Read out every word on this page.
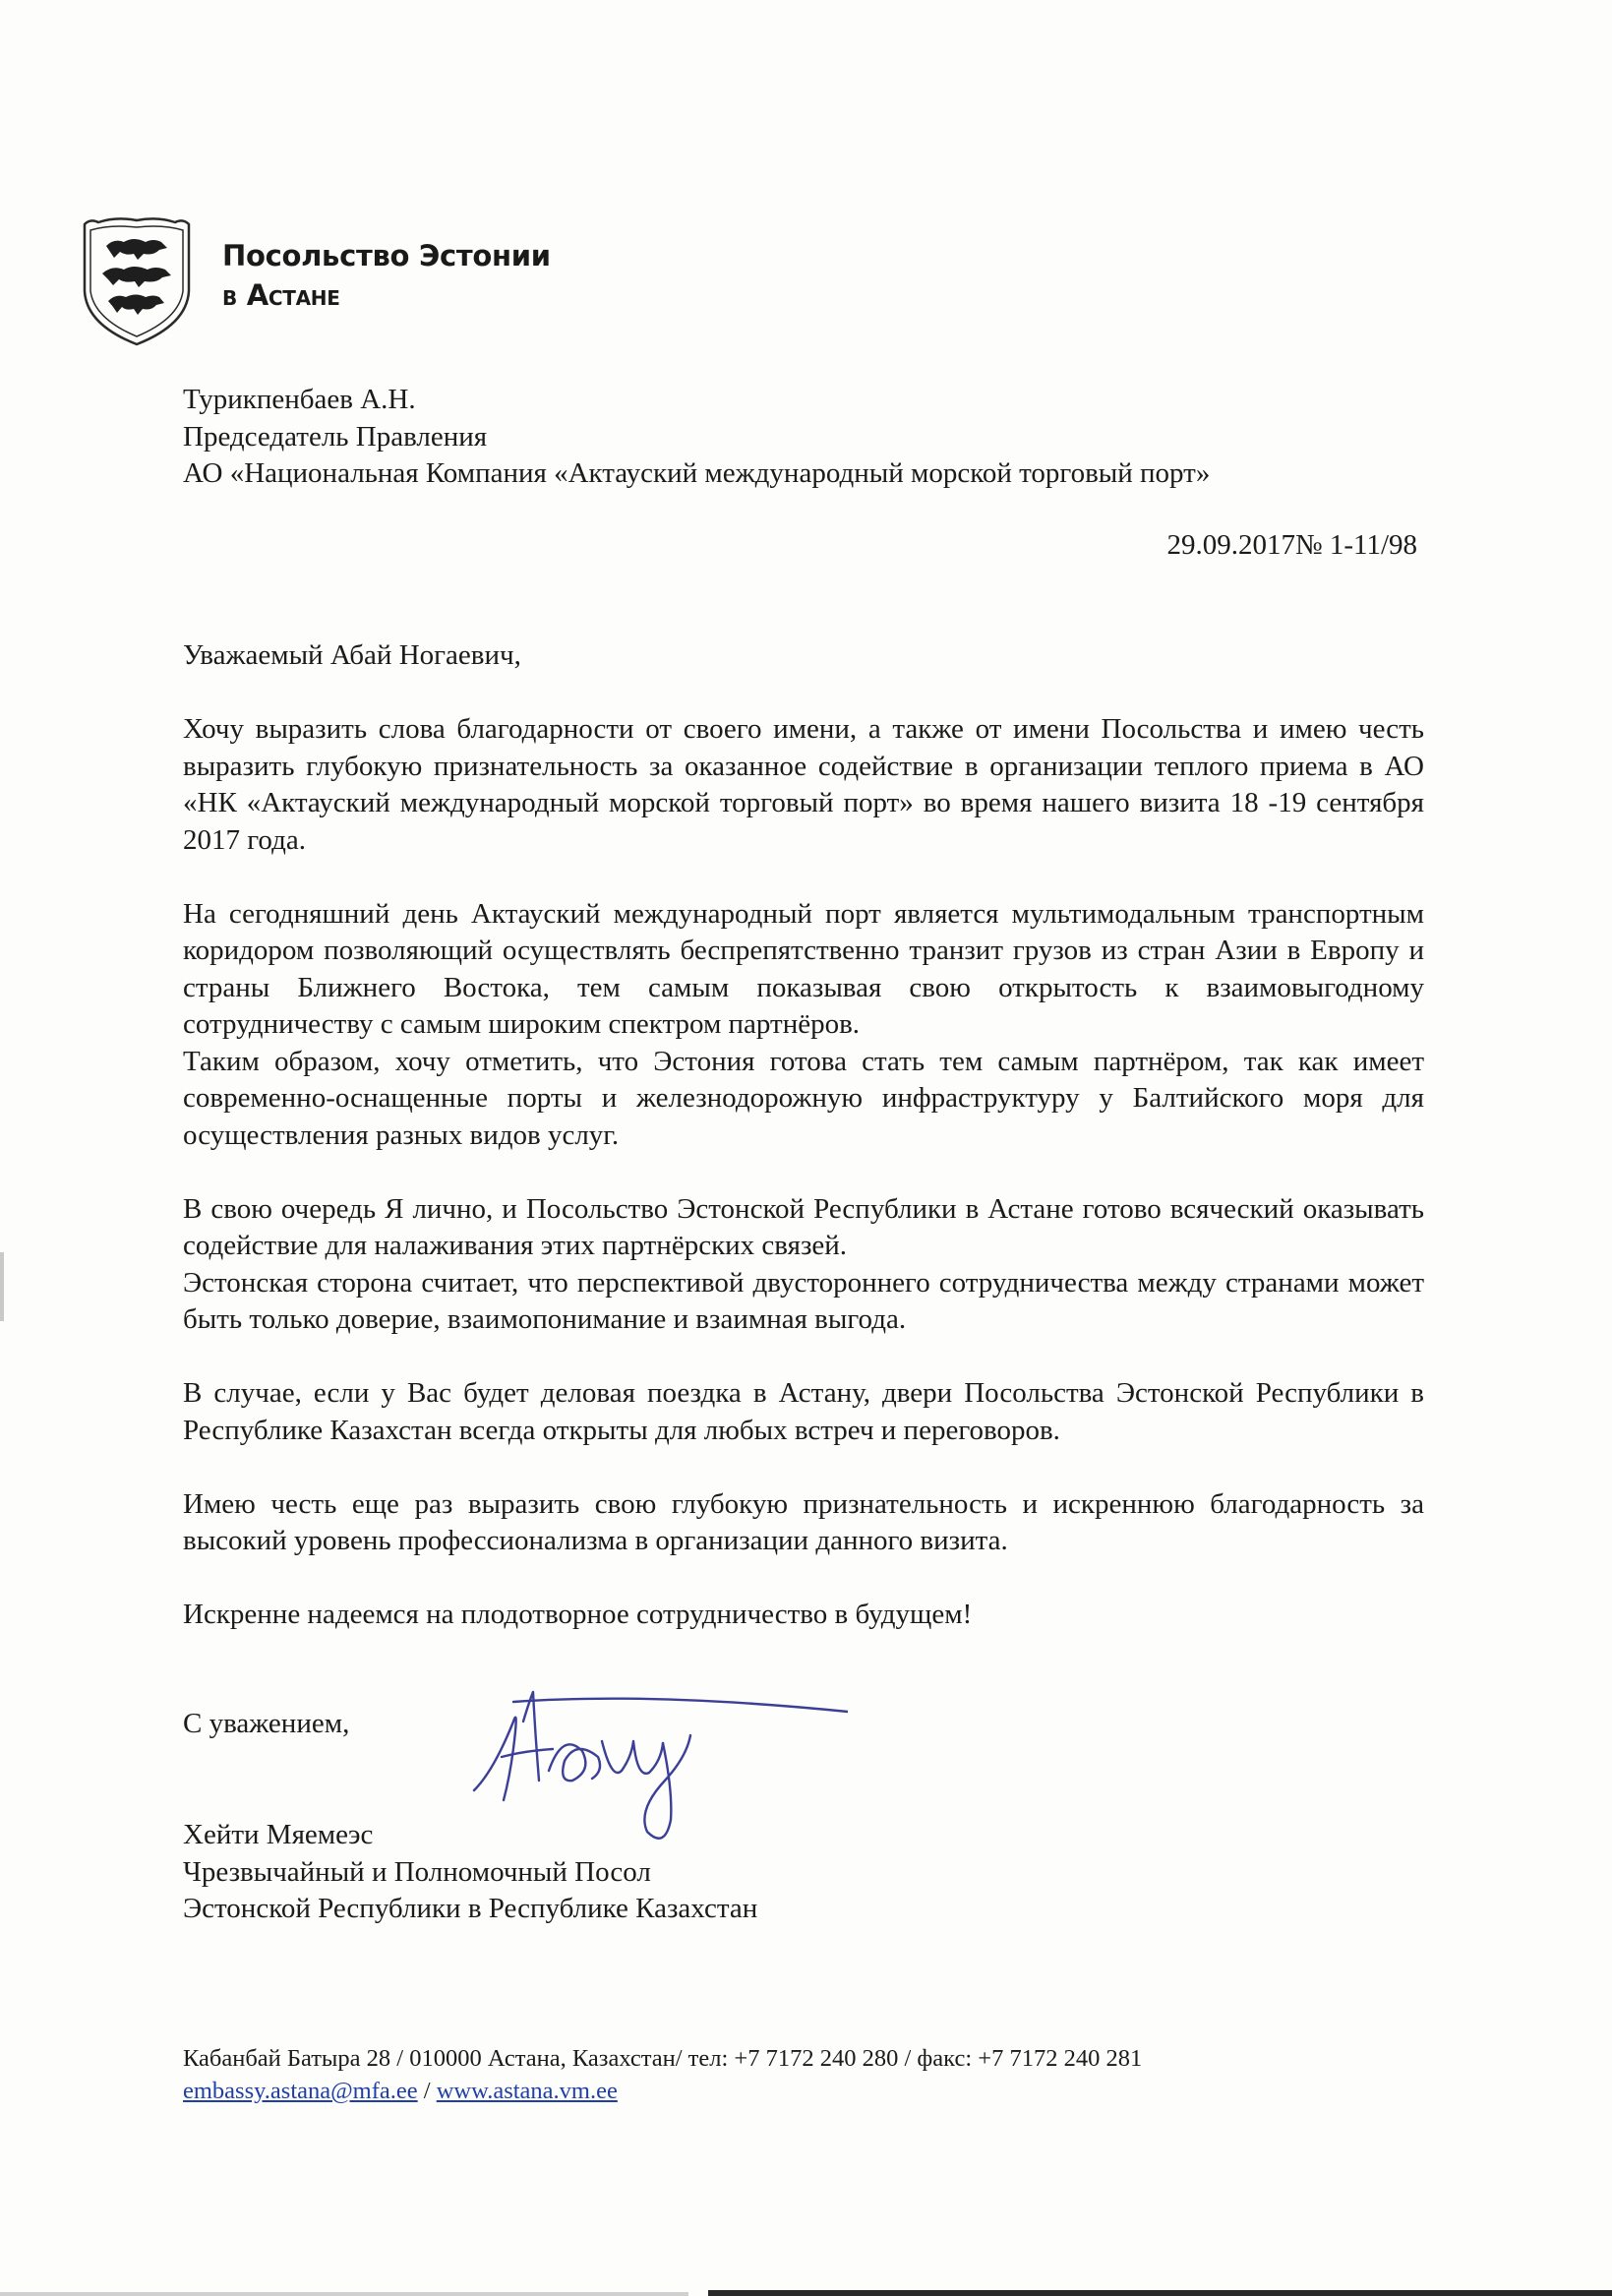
Посольство Эстонии
в Астане
Турикпенбаев А.Н.
Председатель Правления
АО «Национальная Компания «Актауский международный морской торговый порт»
29.09.2017№ 1-11/98
Уважаемый Абай Ногаевич,

Хочу выразить слова благодарности от своего имени, а также от имени Посольства и имею честь выразить глубокую признательность за оказанное содействие в организации теплого приема в АО «НК «Актауский международный морской торговый порт» во время нашего визита 18 -19 сентября 2017 года.

На сегодняшний день Актауский международный порт является мультимодальным транспортным коридором позволяющий осуществлять беспрепятственно транзит грузов из стран Азии в Европу и страны Ближнего Востока, тем самым показывая свою открытость к взаимовыгодному сотрудничеству с самым широким спектром партнёров.

Таким образом, хочу отметить, что Эстония готова стать тем самым партнёром, так как имеет современно-оснащенные порты и железнодорожную инфраструктуру у Балтийского моря для осуществления разных видов услуг.

В свою очередь Я лично, и Посольство Эстонской Республики в Астане готово всяческий оказывать содействие для налаживания этих партнёрских связей.

Эстонская сторона считает, что перспективой двустороннего сотрудничества между странами может быть только доверие, взаимопонимание и взаимная выгода.

В случае, если у Вас будет деловая поездка в Астану, двери Посольства Эстонской Республики в Республике Казахстан всегда открыты для любых встреч и переговоров.

Имею честь еще раз выразить свою глубокую признательность и искреннюю благодарность за высокий уровень профессионализма в организации данного визита.

Искренне надеемся на плодотворное сотрудничество в будущем!

С уважением,
Хейти Мяемеэс
Чрезвычайный и Полномочный Посол
Эстонской Республики в Республике Казахстан
Кабанбай Батыра 28 / 010000 Астана, Казахстан/ тел: +7 7172 240 280 / факс: +7 7172 240 281
embassy.astana@mfa.ee / www.astana.vm.ee
